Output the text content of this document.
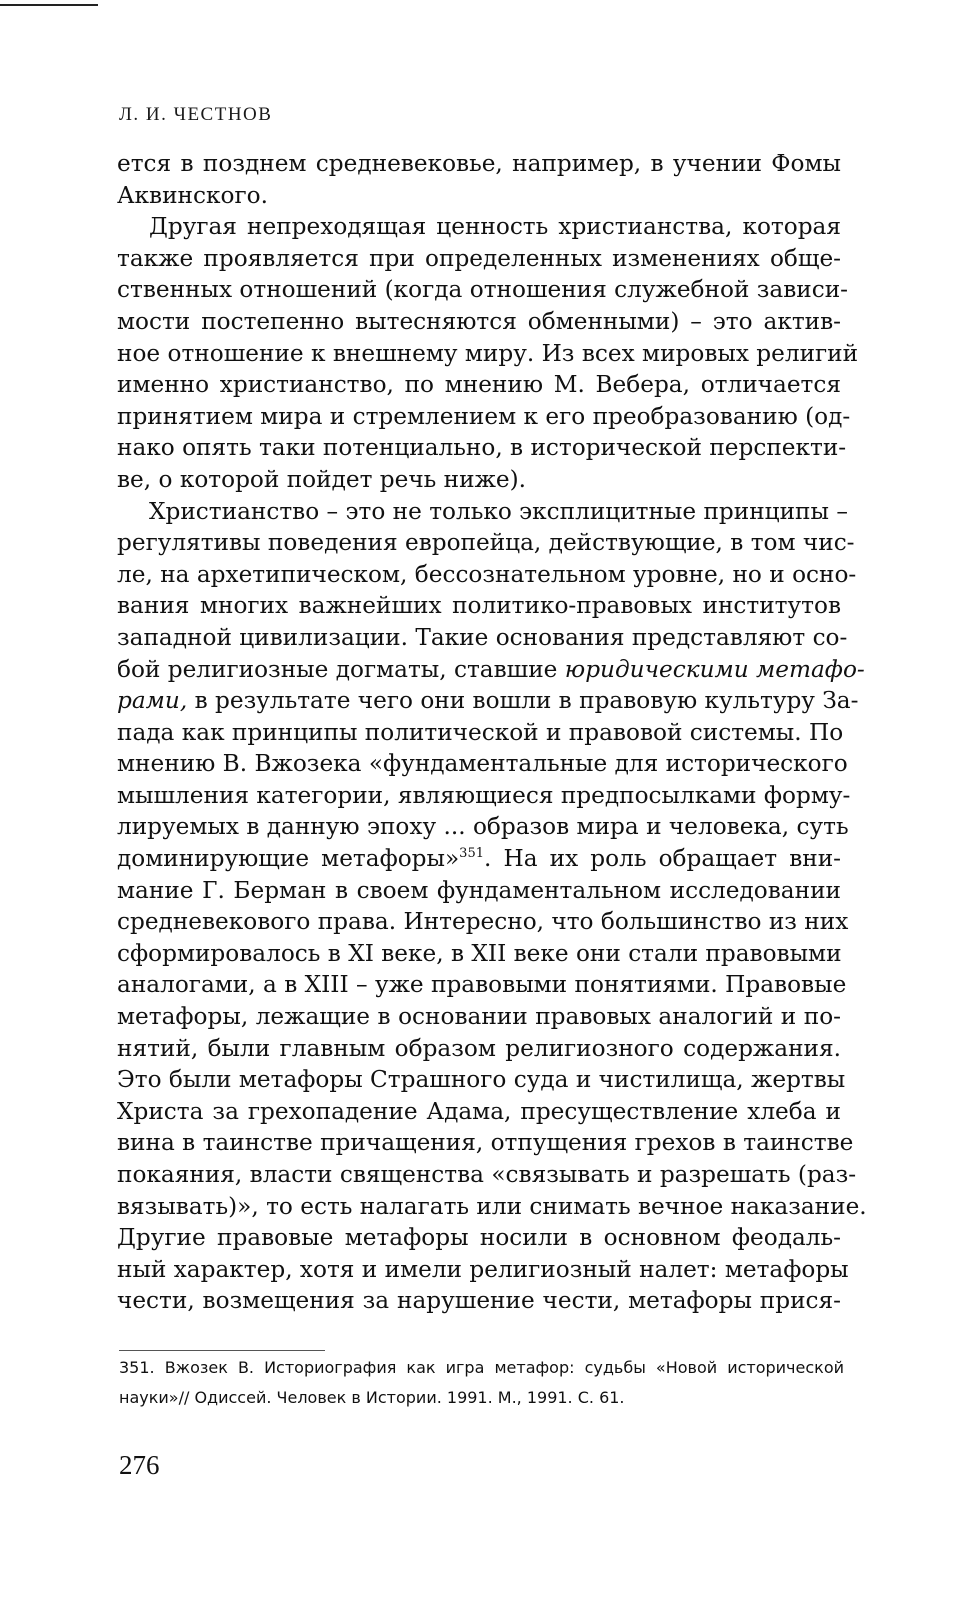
Л. И. ЧЕСТНОВ
ется в позднем средневековье, например, в учении Фомы
Аквинского.
Другая непреходящая ценность христианства, которая
также проявляется при определенных изменениях обще-
ственных отношений (когда отношения служебной зависи-
мости постепенно вытесняются обменными) – это актив-
ное отношение к внешнему миру. Из всех мировых религий
именно христианство, по мнению М. Вебера, отличается
принятием мира и стремлением к его преобразованию (од-
нако опять таки потенциально, в исторической перспекти-
ве, о которой пойдет речь ниже).
Христианство – это не только эксплицитные принципы –
регулятивы поведения европейца, действующие, в том чис-
ле, на архетипическом, бессознательном уровне, но и осно-
вания многих важнейших политико-правовых институтов
западной цивилизации. Такие основания представляют со-
бой религиозные догматы, ставшие юридическими метафо-
рами, в результате чего они вошли в правовую культуру За-
пада как принципы политической и правовой системы. По
мнению В. Вжозека «фундаментальные для исторического
мышления категории, являющиеся предпосылками форму-
лируемых в данную эпоху ... образов мира и человека, суть
доминирующие метафоры»$^{351}$. На их роль обращает вни-
мание Г. Берман в своем фундаментальном исследовании
средневекового права. Интересно, что большинство из них
сформировалось в XI веке, в XII веке они стали правовыми
аналогами, а в XIII – уже правовыми понятиями. Правовые
метафоры, лежащие в основании правовых аналогий и по-
нятий, были главным образом религиозного содержания.
Это были метафоры Страшного суда и чистилища, жертвы
Христа за грехопадение Адама, пресуществление хлеба и
вина в таинстве причащения, отпущения грехов в таинстве
покаяния, власти священства «связывать и разрешать (раз-
вязывать)», то есть налагать или снимать вечное наказание.
Другие правовые метафоры носили в основном феодаль-
ный характер, хотя и имели религиозный налет: метафоры
чести, возмещения за нарушение чести, метафоры прися-
351. Вжозек В. Историография как игра метафор: судьбы «Новой исторической
науки»// Одиссей. Человек в Истории. 1991. М., 1991. С. 61.
276
